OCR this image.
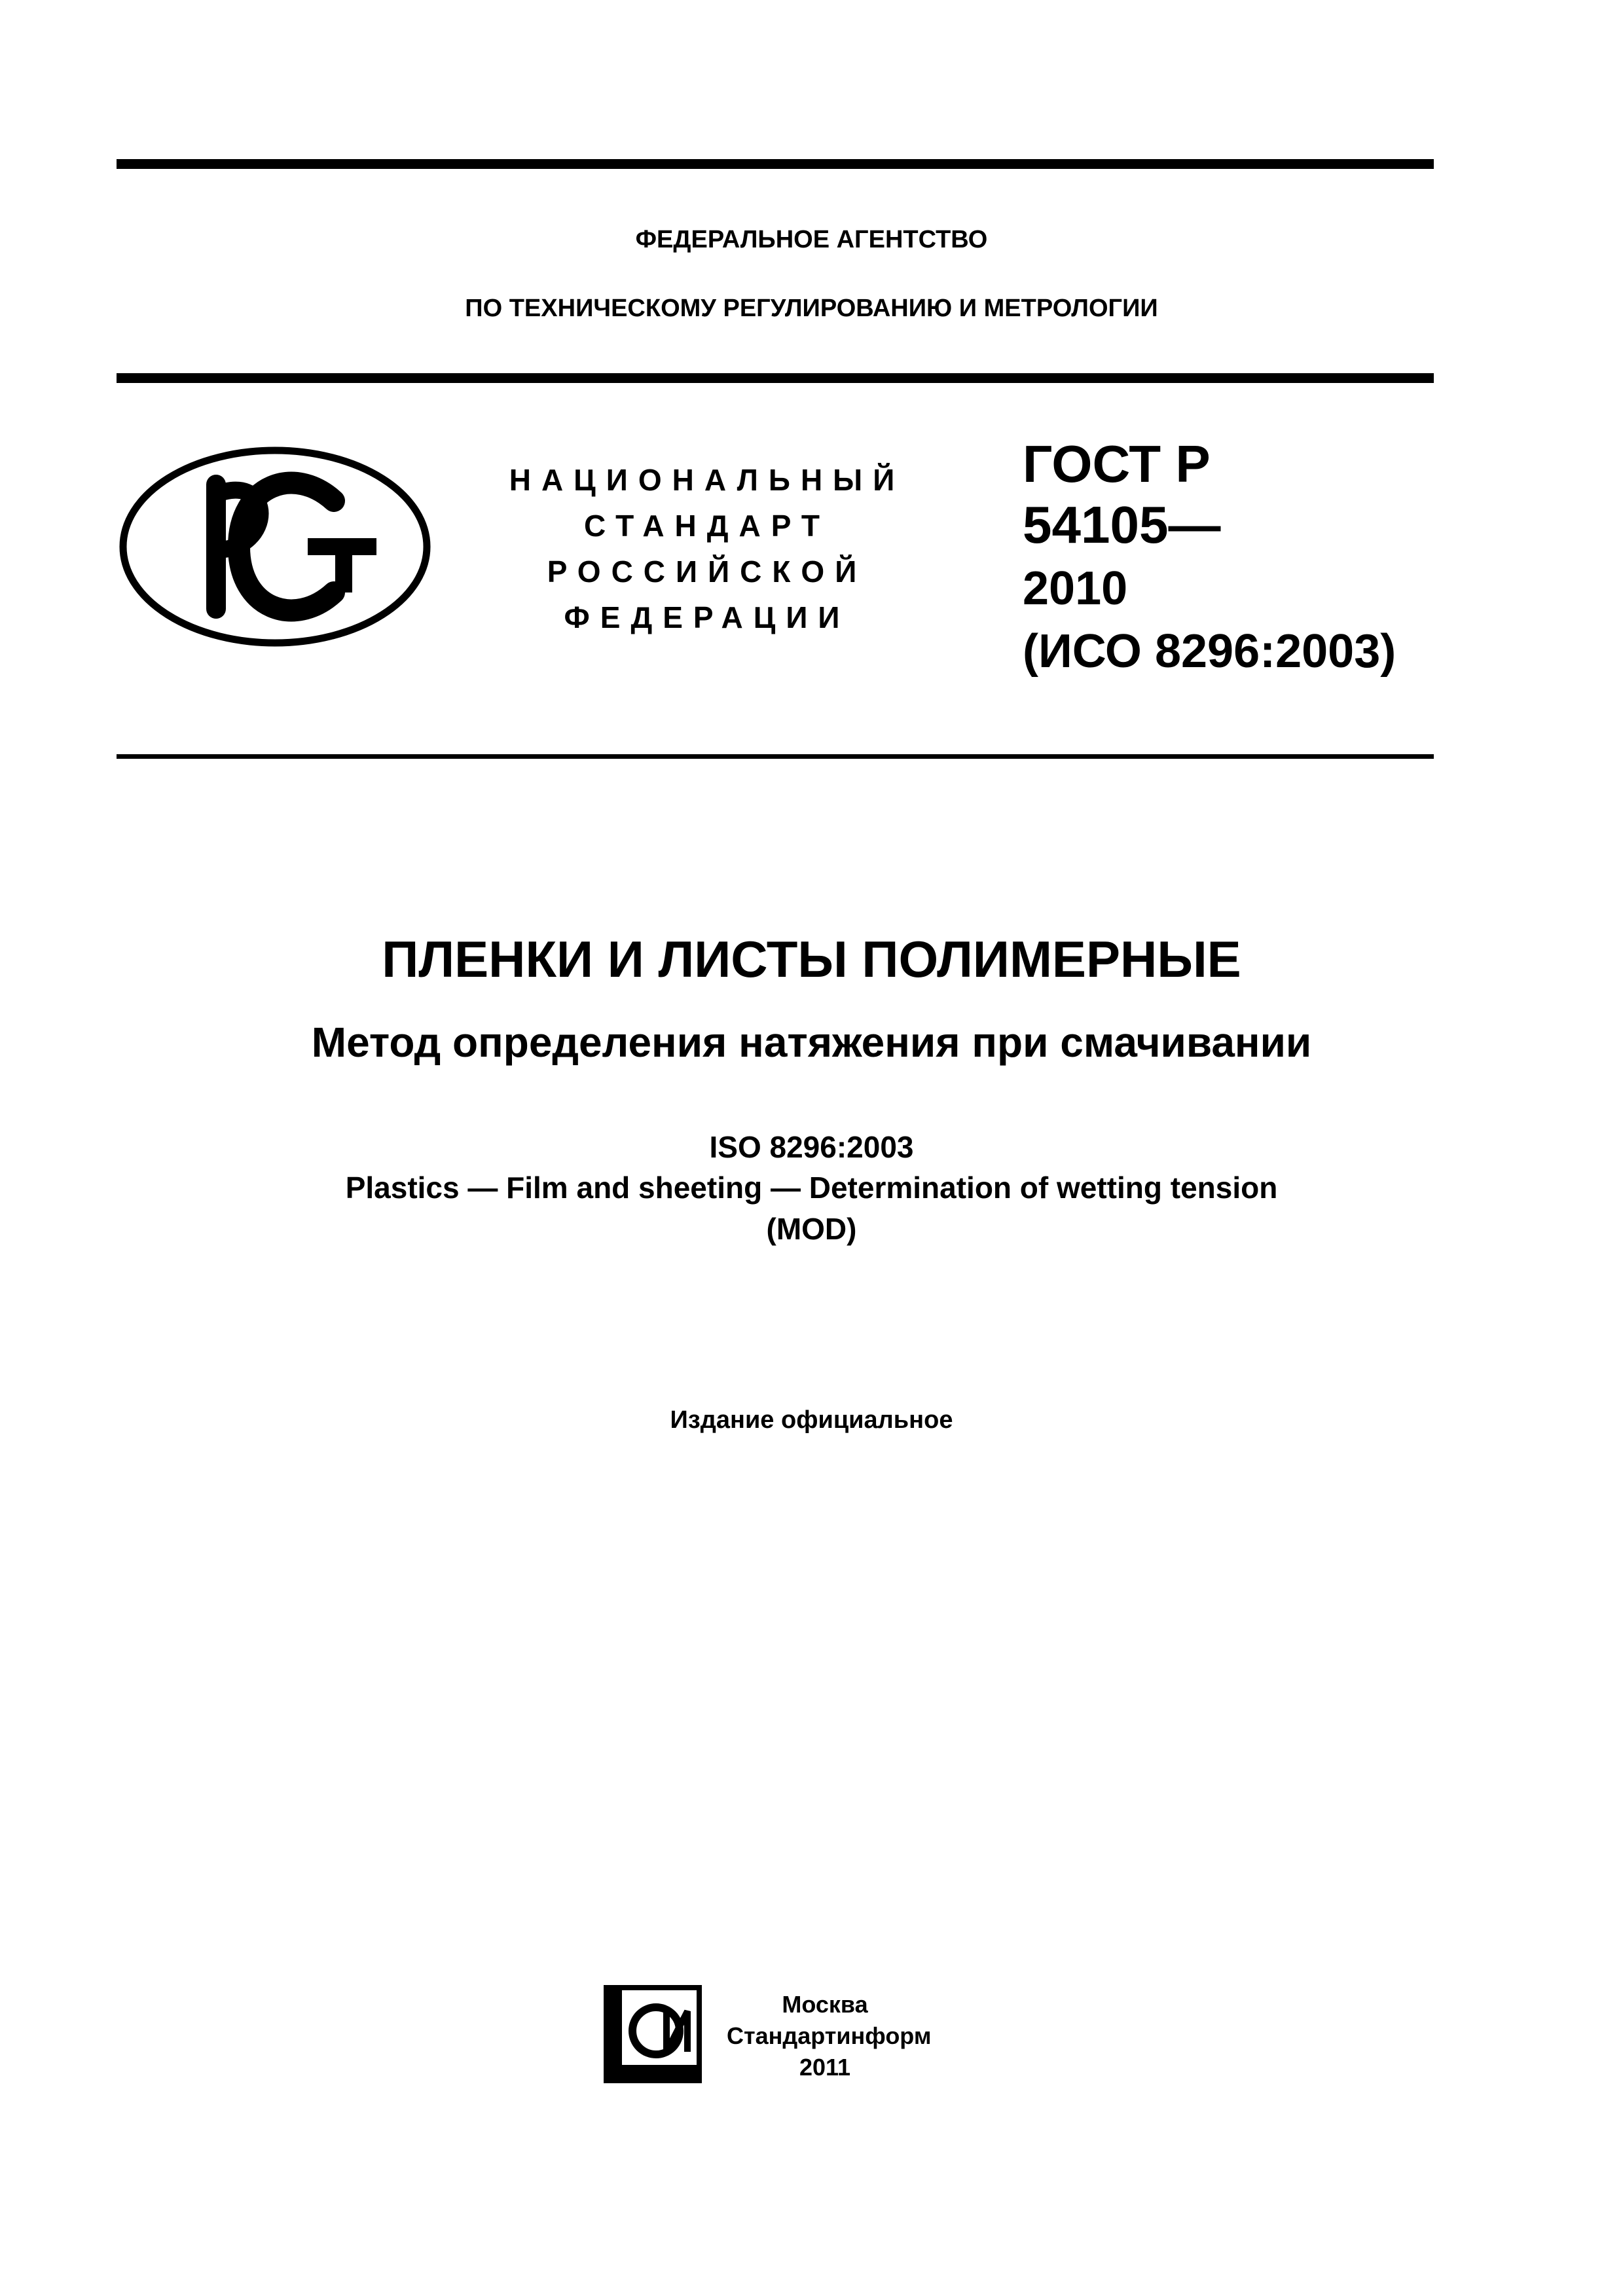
ФЕДЕРАЛЬНОЕ АГЕНТСТВО
ПО ТЕХНИЧЕСКОМУ РЕГУЛИРОВАНИЮ И МЕТРОЛОГИИ
НАЦИОНАЛЬНЫЙ
СТАНДАРТ
РОССИЙСКОЙ
ФЕДЕРАЦИИ
ГОСТ Р
54105—
2010
(ИСО 8296:2003)
ПЛЕНКИ И ЛИСТЫ ПОЛИМЕРНЫЕ
Метод определения натяжения при смачивании
ISO 8296:2003
Plastics — Film and sheeting — Determination of wetting tension
(MOD)
Издание официальное
Москва
Стандартинформ
2011
